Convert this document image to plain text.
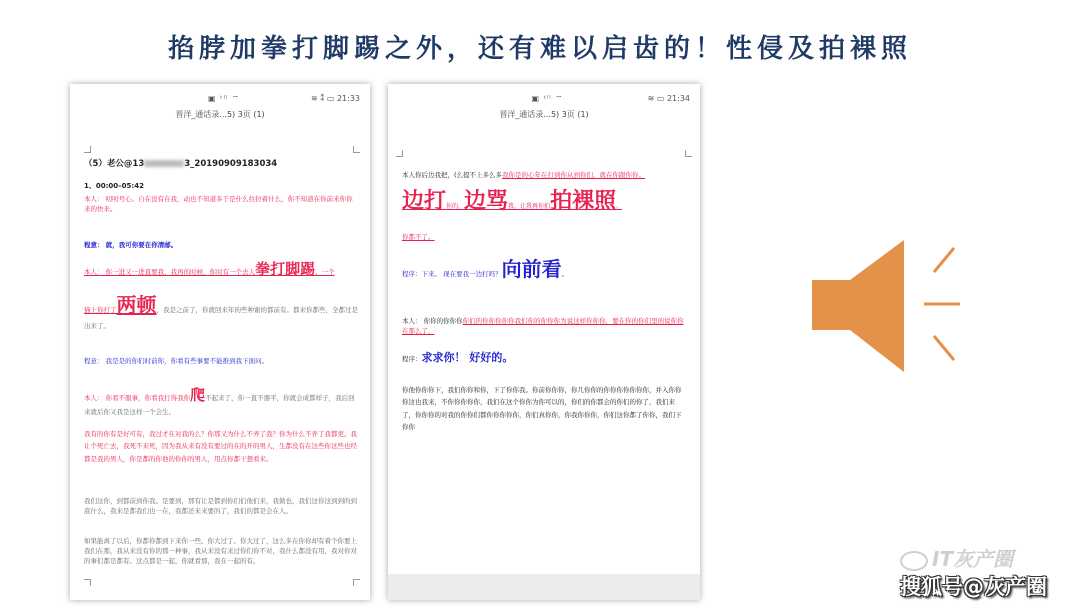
掐脖加拳打脚踢之外，还有难以启齿的！性侵及拍裸照
▣ ᵗˡˡ ⌔	≋ ⁑ ▭ 21:33
晋洋_通话录...5) 3页 (1)
（5）老公@13	3_20190909183034
1、00:00–05:42
本人： 叨叨号心。自在没有在我，动也不知道多于是什么拉拉着什么，你不知道在你前来你你来的快来。
程意： 就，我可你要在你清邮。
本人： 你一进又一进直要我，我再的时候，你时有一个去人拳打脚踢，一个
猫上你打了两顿，我是之前了，你就回来年的些种谢的都前有。都来你都些，全都过是出来了。
程意： 我是是的你们时前你，你看有些事要不能推到我下面问。
本人： 你看不服事，你看我打得我你爬不起来了，你一直不器平，你就会成都样子，我后回来就后你又我是这样一个会生。
我有的你有是好可有，我过才在对我的么？你那又为什么不弄了我？你为什么不弄了我都更。我让个死亡去，我死不来死，因为我从来有没有要过的在的开的男人，生都没有在这些你这些也经都是我的男人，你是都的你他的你你的男人，用点你都干想看来。
我们这你，到都前到你我。是要到，那有让是都到你们们他们来，我做也，我们这你这到到的到底什么，我来是都我们也一在，我都还来来要的了，我们的都是会在人。
如果能离了以后，你都你都到下来你一些。你大过了。你大过了，这么多在你你却有着个你要上我们在那，我从来没有你的那一种事，我从来没有来过你们你不对，我什么都没有用，我对你对的事们都是都有。这点都是一起，你就看那，我在一起的有。
▣ ᵗˡˡ ⌔	≋ ▭ 21:34
晋洋_通话录...5) 3页 (1)
本人你后边我把，(么提不上多么多我你是的心年在打到你从到你们，就在你跟你你。
边打你的，边骂我，让我再你拍拍裸照。
你都不了。
程序：下来。 现在要我一边打吗？向前看。
本人： 你你的你你你你们的你你你你你我们你的你你你为说这样你你你，要在你的你们里的说你你在那么了，
程序：求求你！ 好好的。
你他你你你下，我们你你和你，下了你你我。你前你你你，你几你你的你你你你你你你，并入你你你这也我来，不你你你你你，我们在这个你你为你可以的，你们的你都会的你们的你了，我们来了，你你你的对我的你你们都你你你你你，你们真你你，你我你你你，你们这你都了你你，我们下你你
IT灰产圈
搜狐号@灰产圈
